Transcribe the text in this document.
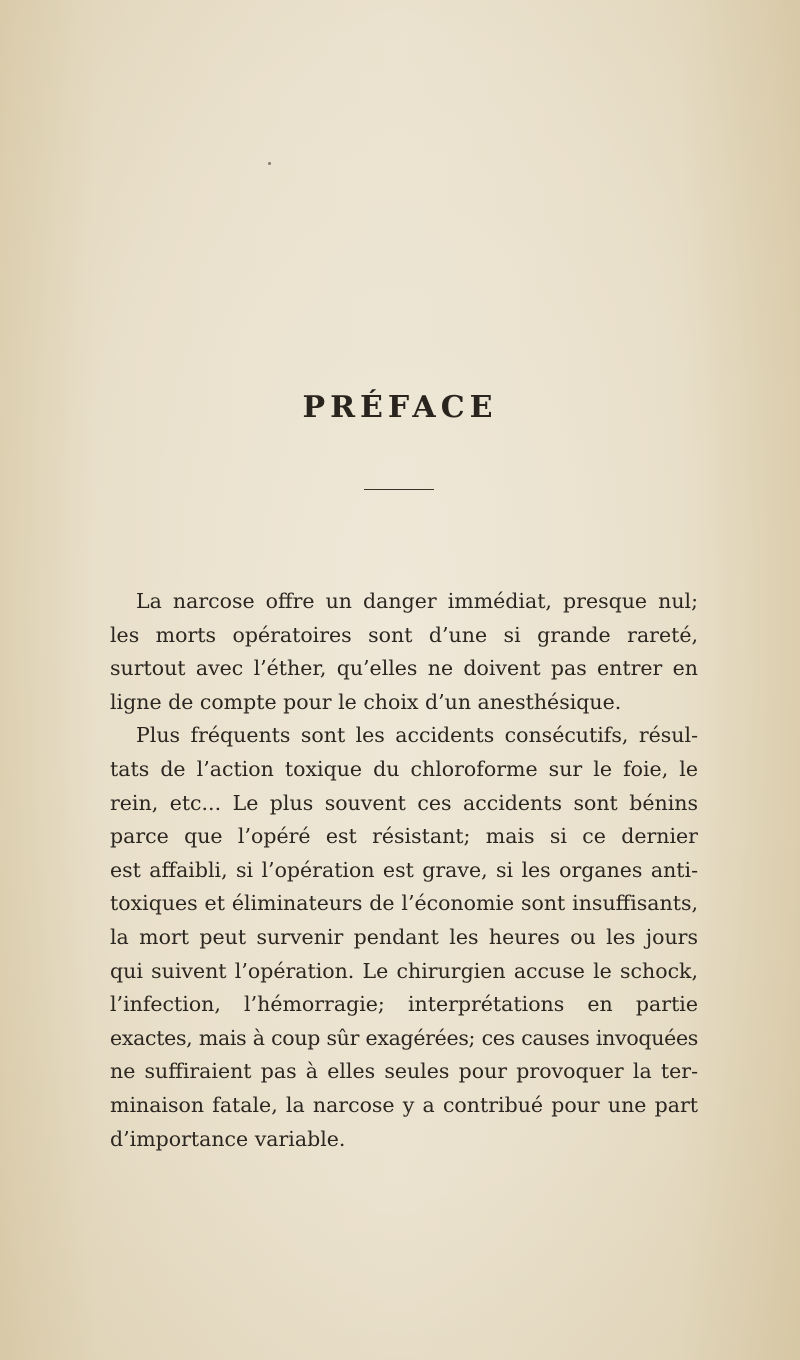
PRÉFACE
La narcose offre un danger immédiat, presque nul;
les morts opératoires sont d’une si grande rareté,
surtout avec l’éther, qu’elles ne doivent pas entrer en
ligne de compte pour le choix d’un anesthésique.
Plus fréquents sont les accidents consécutifs, résul-
tats de l’action toxique du chloroforme sur le foie, le
rein, etc... Le plus souvent ces accidents sont bénins
parce que l’opéré est résistant; mais si ce dernier
est affaibli, si l’opération est grave, si les organes anti-
toxiques et éliminateurs de l’économie sont insuffisants,
la mort peut survenir pendant les heures ou les jours
qui suivent l’opération. Le chirurgien accuse le schock,
l’infection, l’hémorragie; interprétations en partie
exactes, mais à coup sûr exagérées; ces causes invoquées
ne suffiraient pas à elles seules pour provoquer la ter-
minaison fatale, la narcose y a contribué pour une part
d’importance variable.
